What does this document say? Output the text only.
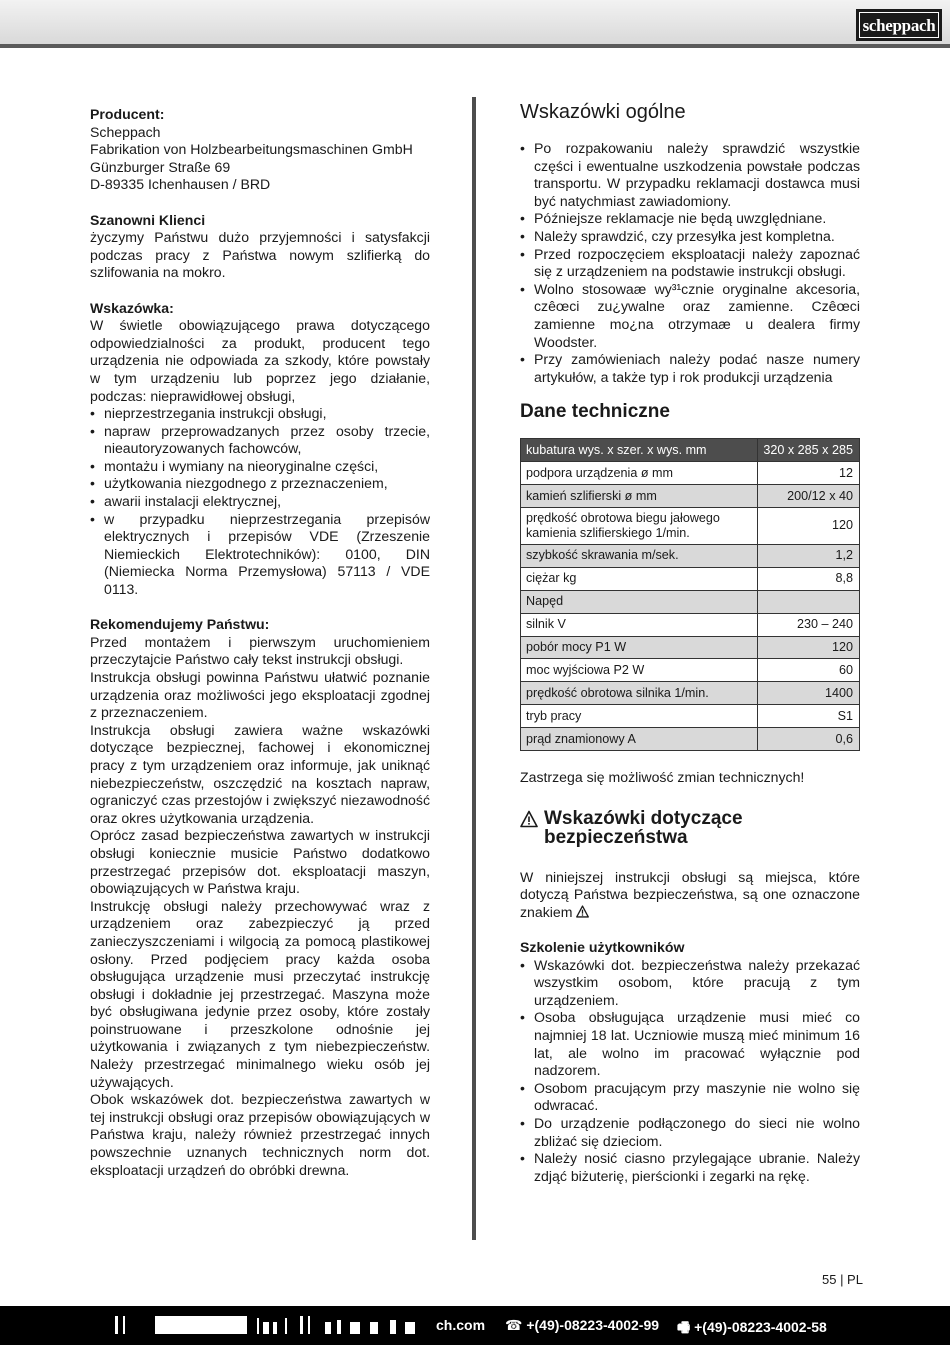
scheppach
Producent:
Scheppach
Fabrikation von Holzbearbeitungsmaschinen GmbH
Günzburger Straße 69
D-89335 Ichenhausen / BRD
Szanowni Klienci
życzymy Państwu dużo przyjemności i satysfakcji podczas pracy z Państwa nowym szlifierką do szlifowania na mokro.
Wskazówka:
W świetle obowiązującego prawa dotyczącego odpowiedzialności za produkt, producent tego urządzenia nie odpowiada za szkody, które powstały w tym urządzeniu lub poprzez jego działanie, podczas: nieprawidłowej obsługi,
• nieprzestrzegania instrukcji obsługi,
• napraw przeprowadzanych przez osoby trzecie, nieautoryzowanych fachowców,
• montażu i wymiany na nieoryginalne części,
• użytkowania niezgodnego z przeznaczeniem,
• awarii instalacji elektrycznej,
• w przypadku nieprzestrzegania przepisów elektrycznych i przepisów VDE (Zrzeszenie Niemieckich Elektrotechników): 0100, DIN (Niemiecka Norma Przemysłowa) 57113 / VDE 0113.
Rekomendujemy Państwu:
Przed montażem i pierwszym uruchomieniem przeczytajcie Państwo cały tekst instrukcji obsługi.
Instrukcja obsługi powinna Państwu ułatwić poznanie urządzenia oraz możliwości jego eksploatacji zgodnej z przeznaczeniem.
Instrukcja obsługi zawiera ważne wskazówki dotyczące bezpiecznej, fachowej i ekonomicznej pracy z tym urządzeniem oraz informuje, jak uniknąć niebezpieczeństw, oszczędzić na kosztach napraw, ograniczyć czas przestojów i zwiększyć niezawodność oraz okres użytkowania urządzenia.
Oprócz zasad bezpieczeństwa zawartych w instrukcji obsługi koniecznie musicie Państwo dodatkowo przestrzegać przepisów dot. eksploatacji maszyn, obowiązujących w Państwa kraju.
Instrukcję obsługi należy przechowywać wraz z urządzeniem oraz zabezpieczyć ją przed zanieczyszczeniami i wilgocią za pomocą plastikowej osłony. Przed podjęciem pracy każda osoba obsługująca urządzenie musi przeczytać instrukcję obsługi i dokładnie jej przestrzegać. Maszyna może być obsługiwana jedynie przez osoby, które zostały poinstruowane i przeszkolone odnośnie jej użytkowania i związanych z tym niebezpieczeństw. Należy przestrzegać minimalnego wieku osób jej używających.
Obok wskazówek dot. bezpieczeństwa zawartych w tej instrukcji obsługi oraz przepisów obowiązujących w Państwa kraju, należy również przestrzegać innych powszechnie uznanych technicznych norm dot. eksploatacji urządzeń do obróbki drewna.
Wskazówki ogólne
• Po rozpakowaniu należy sprawdzić wszystkie części i ewentualne uszkodzenia powstałe podczas transportu. W przypadku reklamacji dostawca musi być natychmiast zawiadomiony.
• Późniejsze reklamacje nie będą uwzględniane.
• Należy sprawdzić, czy przesyłka jest kompletna.
• Przed rozpoczęciem eksploatacji należy zapoznać się z urządzeniem na podstawie instrukcji obsługi.
• Wolno stosowaæ wy³¹cznie oryginalne akcesoria, czêœci zu¿ywalne oraz zamienne. Czêœci zamienne mo¿na otrzymaæ u dealera firmy Woodster.
• Przy zamówieniach należy podać nasze numery artykułów, a także typ i rok produkcji urządzenia
Dane techniczne
kubatura wys. x szer. x wys. mm	320 x 285 x 285
podpora urządzenia ø mm	12
kamień szlifierski ø mm	200/12 x 40
prędkość obrotowa biegu jałowego kamienia szlifierskiego 1/min.	120
szybkość skrawania m/sek.	1,2
ciężar kg	8,8
Napęd	
silnik V	230 – 240
pobór mocy P1 W	120
moc wyjściowa P2 W	60
prędkość obrotowa silnika 1/min.	1400
tryb pracy	S1
prąd znamionowy A	0,6
Zastrzega się możliwość zmian technicznych!
Wskazówki dotyczące
bezpieczeństwa
W niniejszej instrukcji obsługi są miejsca, które dotyczą Państwa bezpieczeństwa, są one oznaczone znakiem
Szkolenie użytkowników
• Wskazówki dot. bezpieczeństwa należy przekazać wszystkim osobom, które pracują z tym urządzeniem.
• Osoba obsługująca urządzenie musi mieć co najmniej 18 lat. Uczniowie muszą mieć minimum 16 lat, ale wolno im pracować wyłącznie pod nadzorem.
• Osobom pracującym przy maszynie nie wolno się odwracać.
• Do urządzenie podłączonego do sieci nie wolno zbliżać się dzieciom.
• Należy nosić ciasno przylegające ubranie. Należy zdjąć biżuterię, pierścionki i zegarki na rękę.
55 | PL
ch.com ☎ +(49)-08223-4002-99 🖷 +(49)-08223-4002-58
